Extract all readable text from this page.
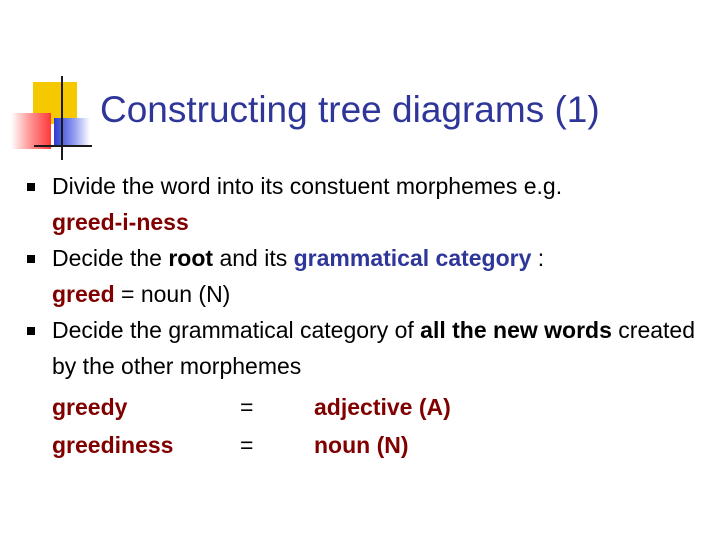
Constructing tree diagrams (1)
Divide the word into its constuent morphemes e.g.
greed-i-ness
Decide the root and its grammatical category :
greed = noun (N)
Decide the grammatical category of all the new words created by the other morphemes
greedy	=	adjective (A)
greediness	=	noun (N)
